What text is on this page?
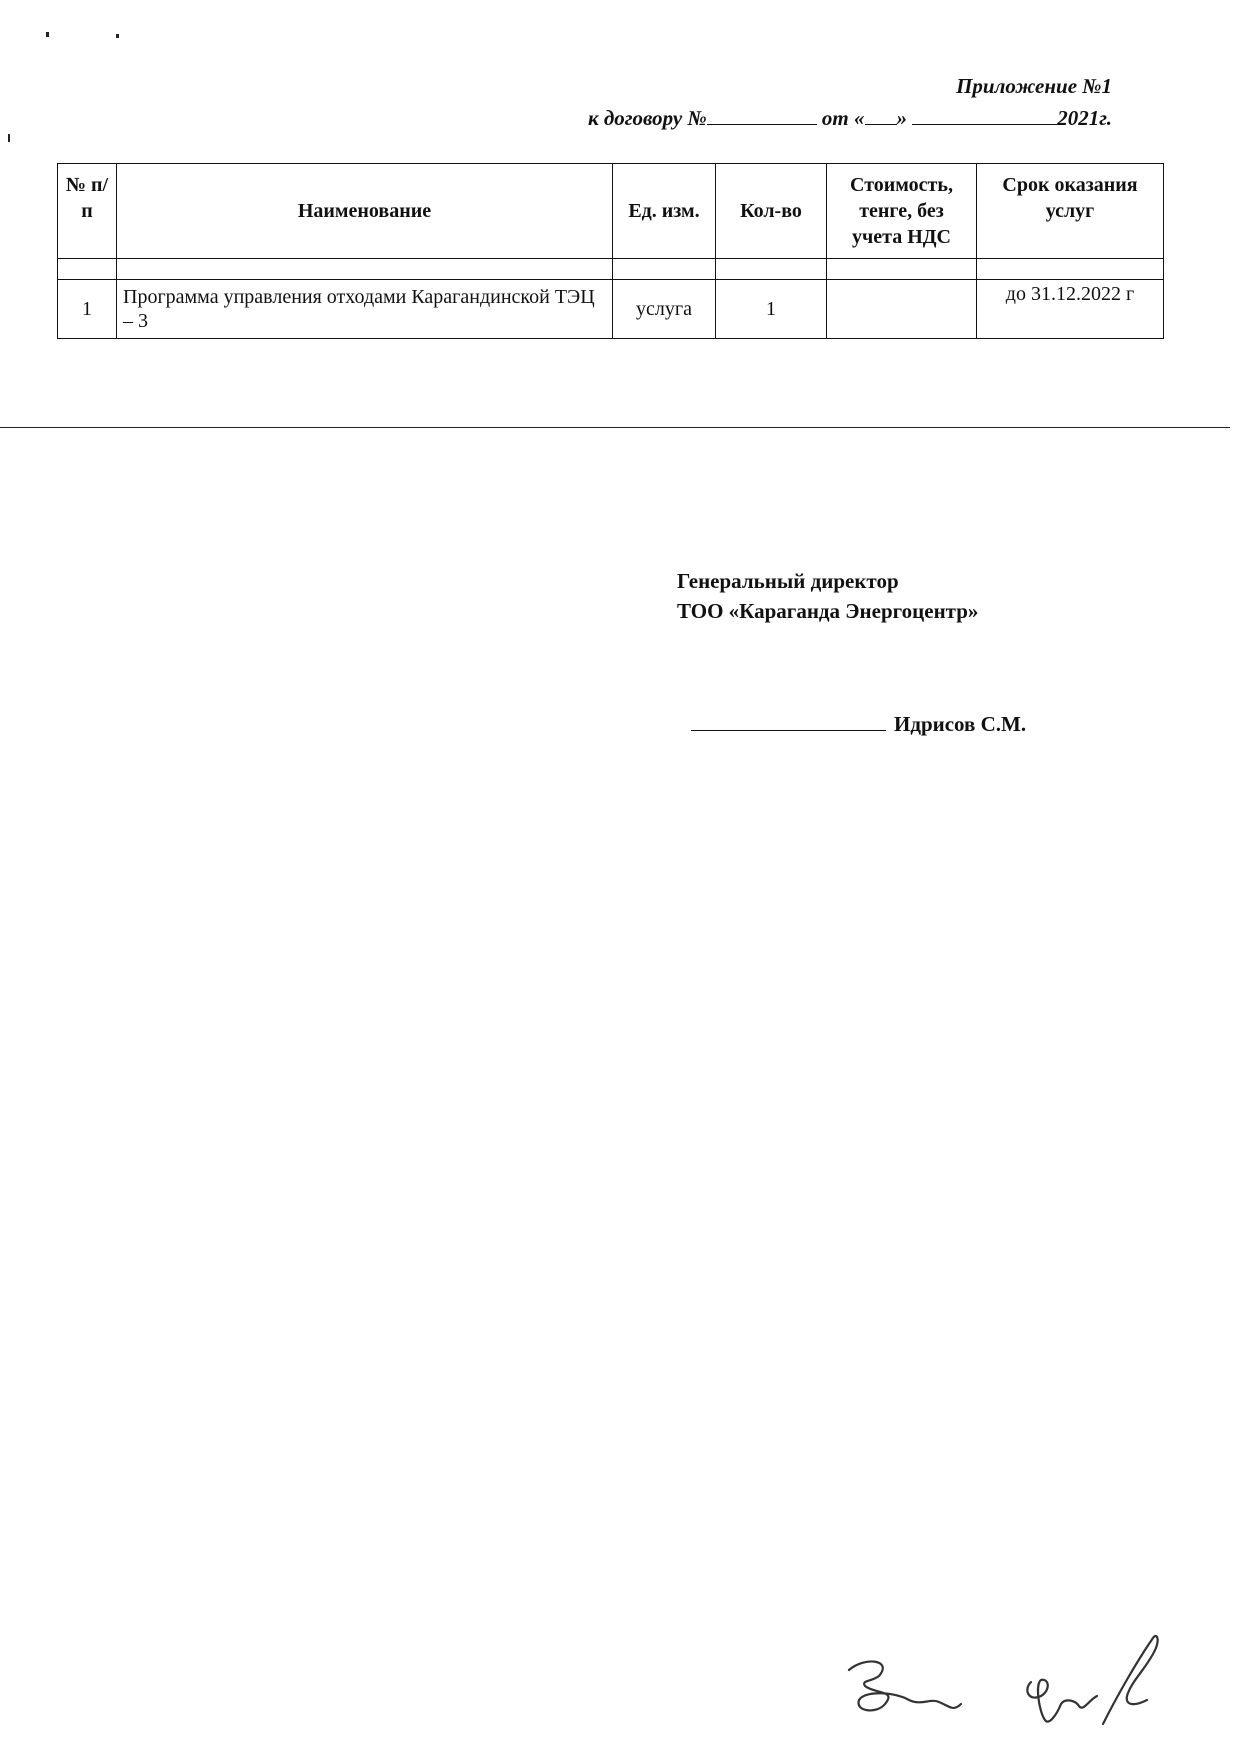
Приложение №1
к договору №	от « »	2021г.
№ п/п	Наименование	Ед. изм.	Кол-во	Стоимость, тенге, без учета НДС	Срок оказания услуг

1	Программа управления отходами Карагандинской ТЭЦ – 3	услуга	1		до 31.12.2022 г
Генеральный директор
ТОО «Караганда Энергоцентр»
Идрисов С.М.
